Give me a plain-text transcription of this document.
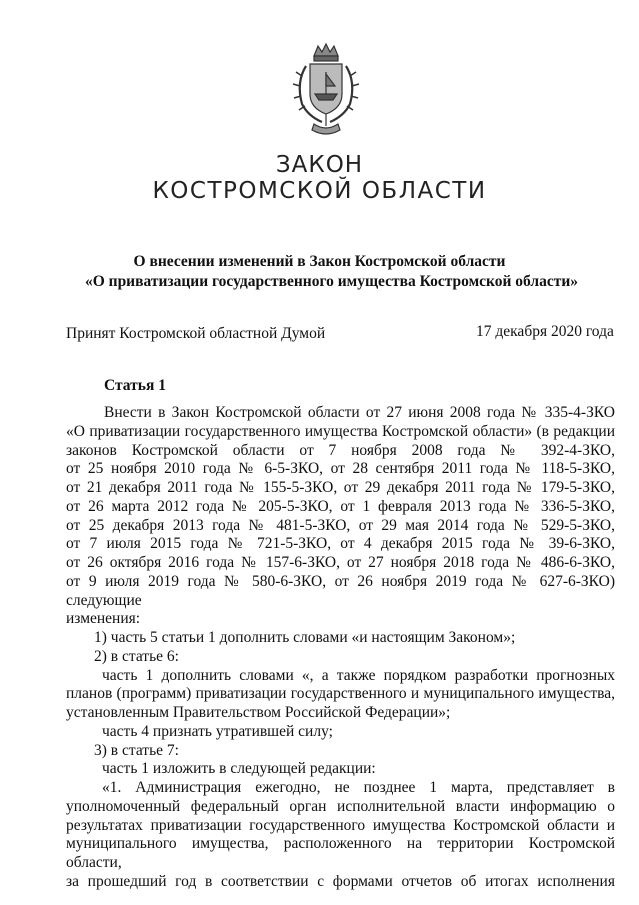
ЗАКОН
КОСТРОМСКОЙ ОБЛАСТИ
О внесении изменений в Закон Костромской области
«О приватизации государственного имущества Костромской области»
Принят Костромской областной Думой	17 декабря 2020 года
Статья 1
Внести в Закон Костромской области от 27 июня 2008 года № 335-4-ЗКО
«О приватизации государственного имущества Костромской области» (в редакции
законов Костромской области от 7 ноября 2008 года № 392-4-ЗКО,
от 25 ноября 2010 года № 6-5-ЗКО, от 28 сентября 2011 года № 118-5-ЗКО,
от 21 декабря 2011 года № 155-5-ЗКО, от 29 декабря 2011 года № 179-5-ЗКО,
от 26 марта 2012 года № 205-5-ЗКО, от 1 февраля 2013 года № 336-5-ЗКО,
от 25 декабря 2013 года № 481-5-ЗКО, от 29 мая 2014 года № 529-5-ЗКО,
от 7 июля 2015 года № 721-5-ЗКО, от 4 декабря 2015 года № 39-6-ЗКО,
от 26 октября 2016 года № 157-6-ЗКО, от 27 ноября 2018 года № 486-6-ЗКО,
от 9 июля 2019 года № 580-6-ЗКО, от 26 ноября 2019 года № 627-6-ЗКО) следующие
изменения:
1) часть 5 статьи 1 дополнить словами «и настоящим Законом»;
2) в статье 6:
часть 1 дополнить словами «, а также порядком разработки прогнозных
планов (программ) приватизации государственного и муниципального имущества,
установленным Правительством Российской Федерации»;
часть 4 признать утратившей силу;
3) в статье 7:
часть 1 изложить в следующей редакции:
«1. Администрация ежегодно, не позднее 1 марта, представляет в
уполномоченный федеральный орган исполнительной власти информацию о
результатах приватизации государственного имущества Костромской области и
муниципального имущества, расположенного на территории Костромской области,
за прошедший год в соответствии с формами отчетов об итогах исполнения
